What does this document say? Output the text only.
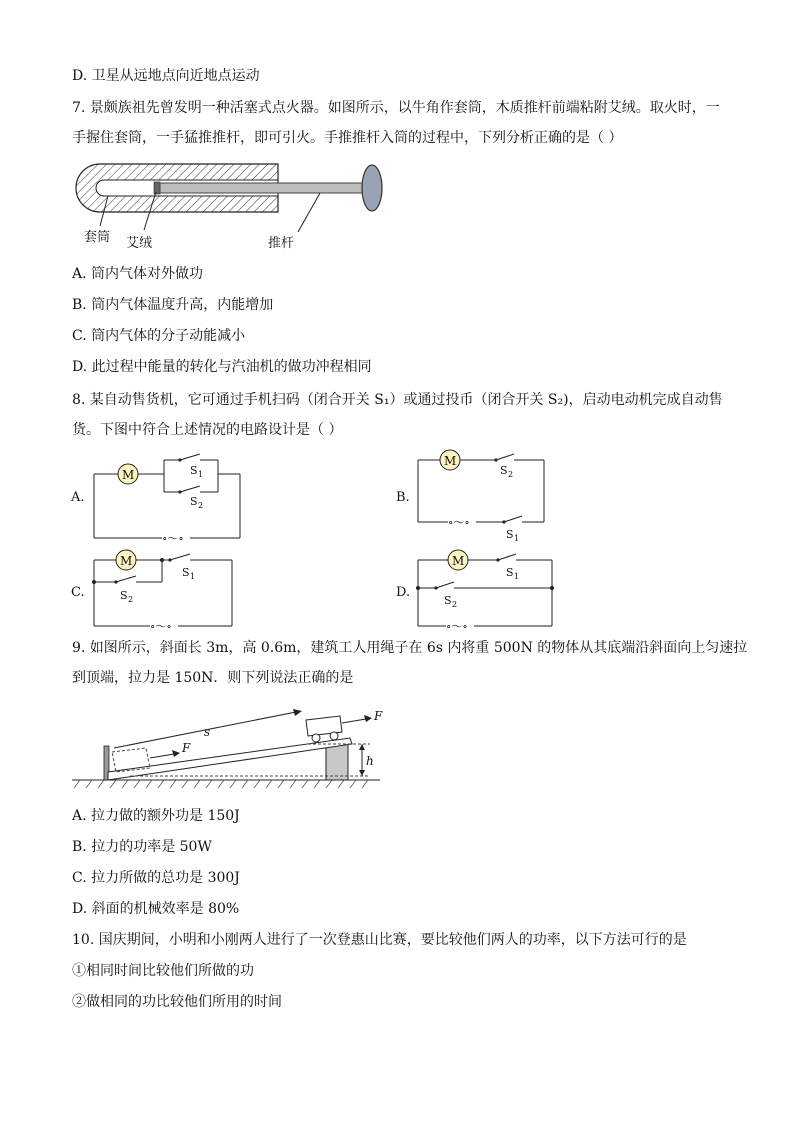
D. 卫星从远地点向近地点运动
7. 景颇族祖先曾发明一种活塞式点火器。如图所示，以牛角作套筒，木质推杆前端粘附艾绒。取火时，一
手握住套筒，一手猛推推杆，即可引火。手推推杆入筒的过程中，下列分析正确的是（ ）
套筒 艾绒	推杆
A. 筒内气体对外做功
B. 筒内气体温度升高，内能增加
C. 筒内气体的分子动能减小
D. 此过程中能量的转化与汽油机的做功冲程相同
8. 某自动售货机，它可通过手机扫码（闭合开关 S₁）或通过投币（闭合开关 S₂)，启动电动机完成自动售
货。下图中符合上述情况的电路设计是（ ）
A.
M	S 1
S 2
∘～∘
B.
M
S 2
∘～∘
S 1
C.
M
S 1
S 2
∘～∘
D.
M
S 1
S 2
∘～∘
9. 如图所示，斜面长 3m，高 0.6m，建筑工人用绳子在 6s 内将重 500N 的物体从其底端沿斜面向上匀速拉
到顶端，拉力是 150N．则下列说法正确的是
h
s
F
F
A. 拉力做的额外功是 150J
B. 拉力的功率是 50W
C. 拉力所做的总功是 300J
D. 斜面的机械效率是 80%
10. 国庆期间，小明和小刚两人进行了一次登惠山比赛，要比较他们两人的功率，以下方法可行的是
①相同时间比较他们所做的功
②做相同的功比较他们所用的时间
